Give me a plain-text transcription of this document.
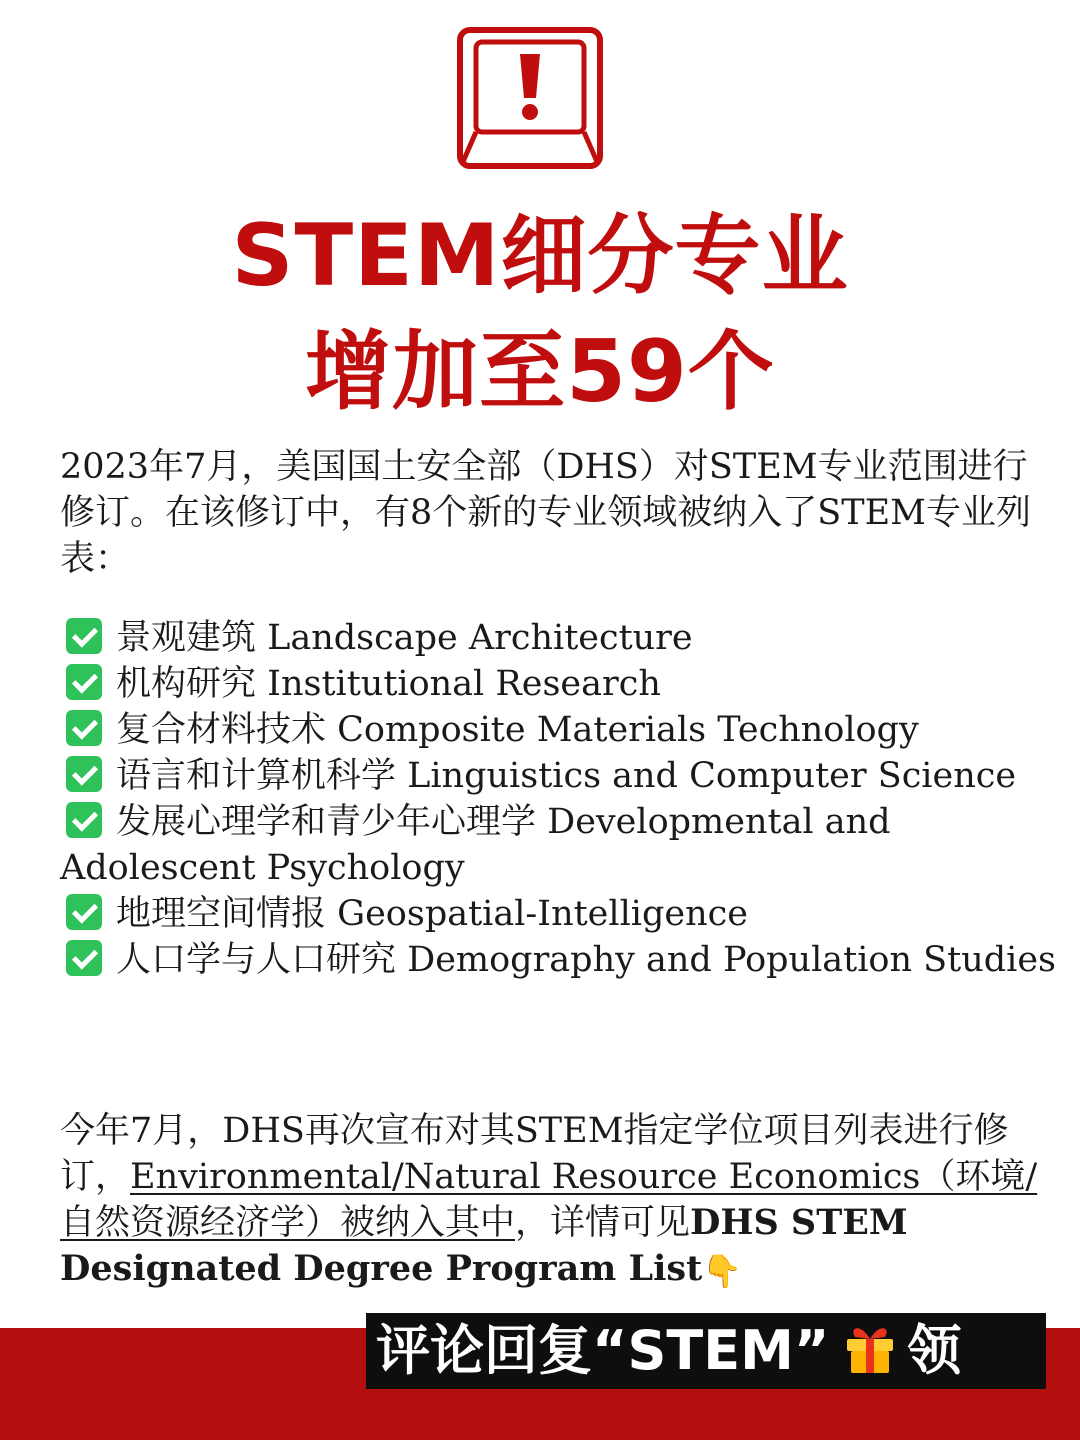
STEM细分专业
增加至59个
2023年7月，美国国土安全部（DHS）对STEM专业范围进行修订。在该修订中，有8个新的专业领域被纳入了STEM专业列表：
景观建筑 Landscape Architecture
机构研究 Institutional Research
复合材料技术 Composite Materials Technology
语言和计算机科学 Linguistics and Computer Science
发展心理学和青少年心理学 Developmental and Adolescent Psychology
地理空间情报 Geospatial-Intelligence
人口学与人口研究 Demography and Population Studies
今年7月，DHS再次宣布对其STEM指定学位项目列表进行修订，Environmental/Natural Resource Economics（环境/自然资源经济学）被纳入其中，详情可见DHS STEM Designated Degree Program List👇
评论回复“STEM” 领
